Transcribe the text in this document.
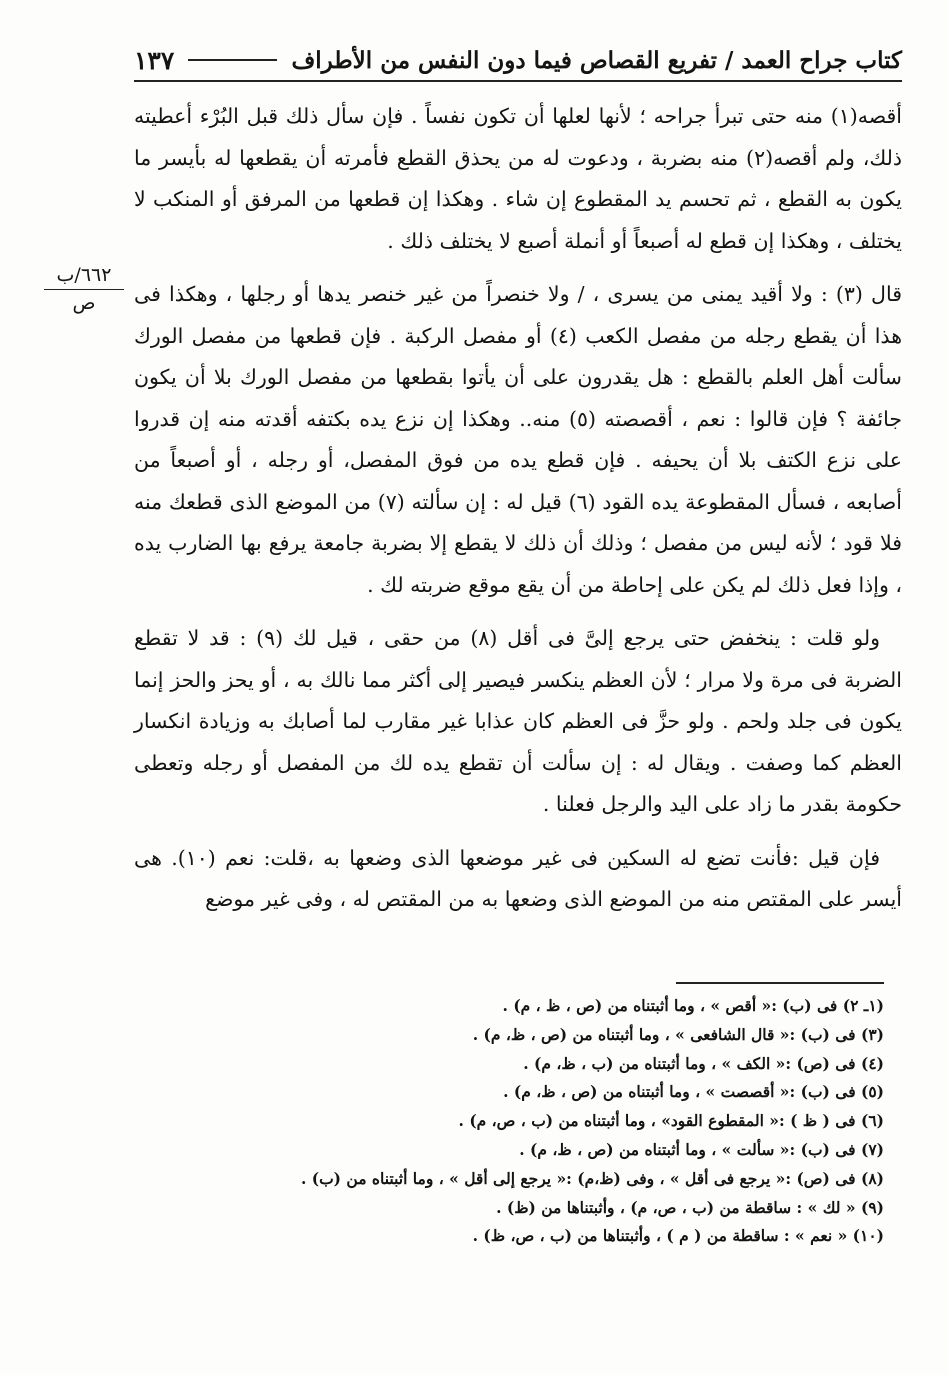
كتاب جراح العمد / تفريع القصاص فيما دون النفس من الأطراف
١٣٧
٦٦٢/ب
ص

أقصه(١) منه حتى تبرأ جراحه ؛ لأنها لعلها أن تكون نفساً . فإن سأل ذلك قبل البُرْء أعطيته ذلك، ولم أقصه(٢) منه بضربة ، ودعوت له من يحذق القطع فأمرته أن يقطعها له بأيسر ما يكون به القطع ، ثم تحسم يد المقطوع إن شاء . وهكذا إن قطعها من المرفق أو المنكب لا يختلف ، وهكذا إن قطع له أصبعاً أو أنملة أصبع لا يختلف ذلك .

قال (٣) : ولا أقيد يمنى من يسرى ، / ولا خنصراً من غير خنصر يدها أو رجلها ، وهكذا فى هذا أن يقطع رجله من مفصل الكعب (٤) أو مفصل الركبة . فإن قطعها من مفصل الورك سألت أهل العلم بالقطع : هل يقدرون على أن يأتوا بقطعها من مفصل الورك بلا أن يكون جائفة ؟ فإن قالوا : نعم ، أقصصته (٥) منه.. وهكذا إن نزع يده بكتفه أقدته منه إن قدروا على نزع الكتف بلا أن يحيفه . فإن قطع يده من فوق المفصل، أو رجله ، أو أصبعاً من أصابعه ، فسأل المقطوعة يده القود (٦) قيل له : إن سألته (٧) من الموضع الذى قطعك منه فلا قود ؛ لأنه ليس من مفصل ؛ وذلك أن ذلك لا يقطع إلا بضربة جامعة يرفع بها الضارب يده ، وإذا فعل ذلك لم يكن على إحاطة من أن يقع موقع ضربته لك .

ولو قلت : ينخفض حتى يرجع إلىَّ فى أقل (٨) من حقى ، قيل لك (٩) : قد لا تقطع الضربة فى مرة ولا مرار ؛ لأن العظم ينكسر فيصير إلى أكثر مما نالك به ، أو يحز والحز إنما يكون فى جلد ولحم . ولو حزَّ فى العظم كان عذابا غير مقارب لما أصابك به وزيادة انكسار العظم كما وصفت . ويقال له : إن سألت أن تقطع يده لك من المفصل أو رجله وتعطى حكومة بقدر ما زاد على اليد والرجل فعلنا .

فإن قيل :فأنت تضع له السكين فى غير موضعها الذى وضعها به ،قلت: نعم (١٠). هى أيسر على المقتص منه من الموضع الذى وضعها به من المقتص له ، وفى غير موضع

(١ـ ٢) فى (ب) :« أقص » ، وما أثبتناه من (ص ، ظ ، م) .
(٣) فى (ب) :« قال الشافعى » ، وما أثبتناه من (ص ، ظ، م) .
(٤) فى (ص) :« الكف » ، وما أثبتناه من (ب ، ظ، م) .
(٥) فى (ب) :« أقصصت » ، وما أثبتناه من (ص ، ظ، م) .
(٦) فى ( ظ ) :« المقطوع القود» ، وما أثبتناه من (ب ، ص، م) .
(٧) فى (ب) :« سألت » ، وما أثبتناه من (ص ، ظ، م) .
(٨) فى (ص) :« يرجع فى أقل » ، وفى (ظ،م) :« يرجع إلى أقل » ، وما أثبتناه من (ب) .
(٩) « لك » : ساقطة من (ب ، ص، م) ، وأثبتناها من (ظ) .
(١٠) « نعم » : ساقطة من ( م ) ، وأثبتناها من (ب ، ص، ظ) .
